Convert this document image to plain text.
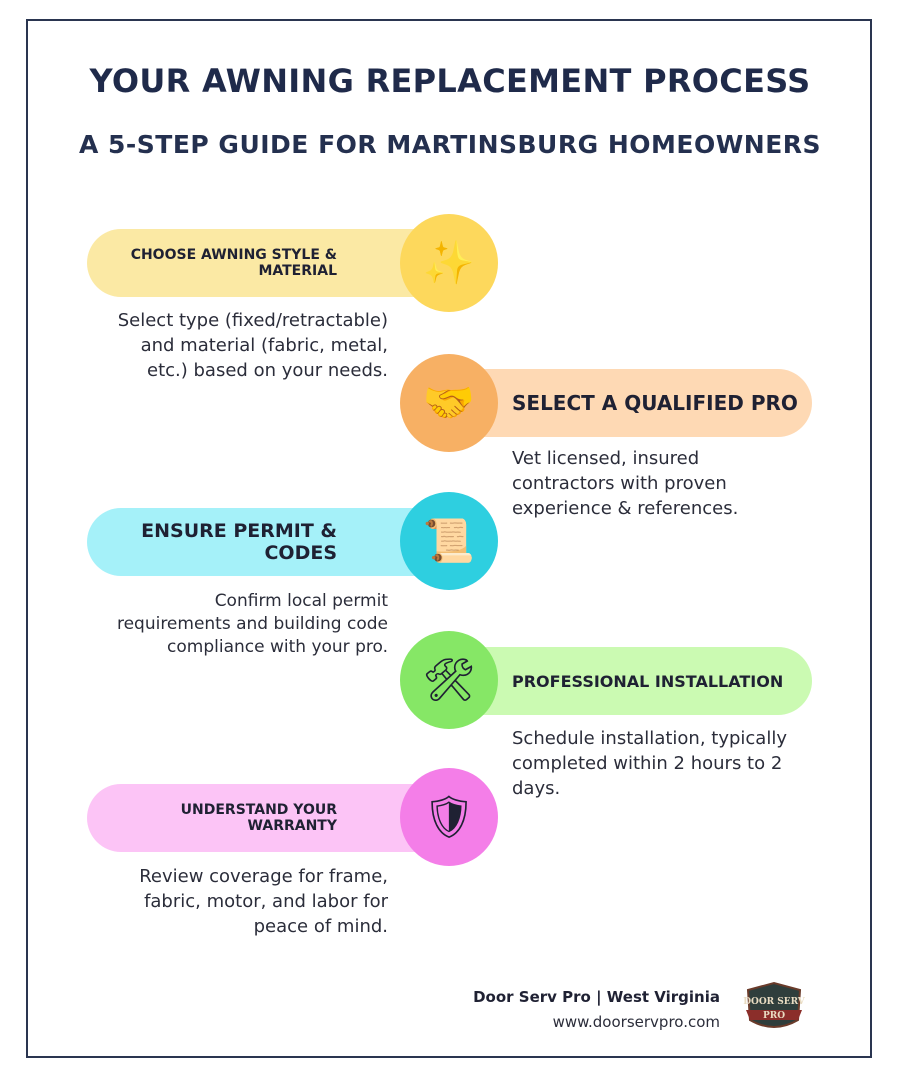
YOUR AWNING REPLACEMENT PROCESS
A 5-STEP GUIDE FOR MARTINSBURG HOMEOWNERS
CHOOSE AWNING STYLE & MATERIAL ✨
Select type (fixed/retractable) and material (fabric, metal, etc.) based on your needs.
SELECT A QUALIFIED PRO
🤝
Vet licensed, insured contractors with proven experience & references.
ENSURE PERMIT & CODES 📜
Confirm local permit requirements and building code compliance with your pro.
PROFESSIONAL INSTALLATION
🛠
Schedule installation, typically completed within 2 hours to 2 days.
UNDERSTAND YOUR WARRANTY 🛡
Review coverage for frame, fabric, motor, and labor for peace of mind.
Door Serv Pro | West Virginia
www.doorservpro.com
DOOR SERV
PRO
